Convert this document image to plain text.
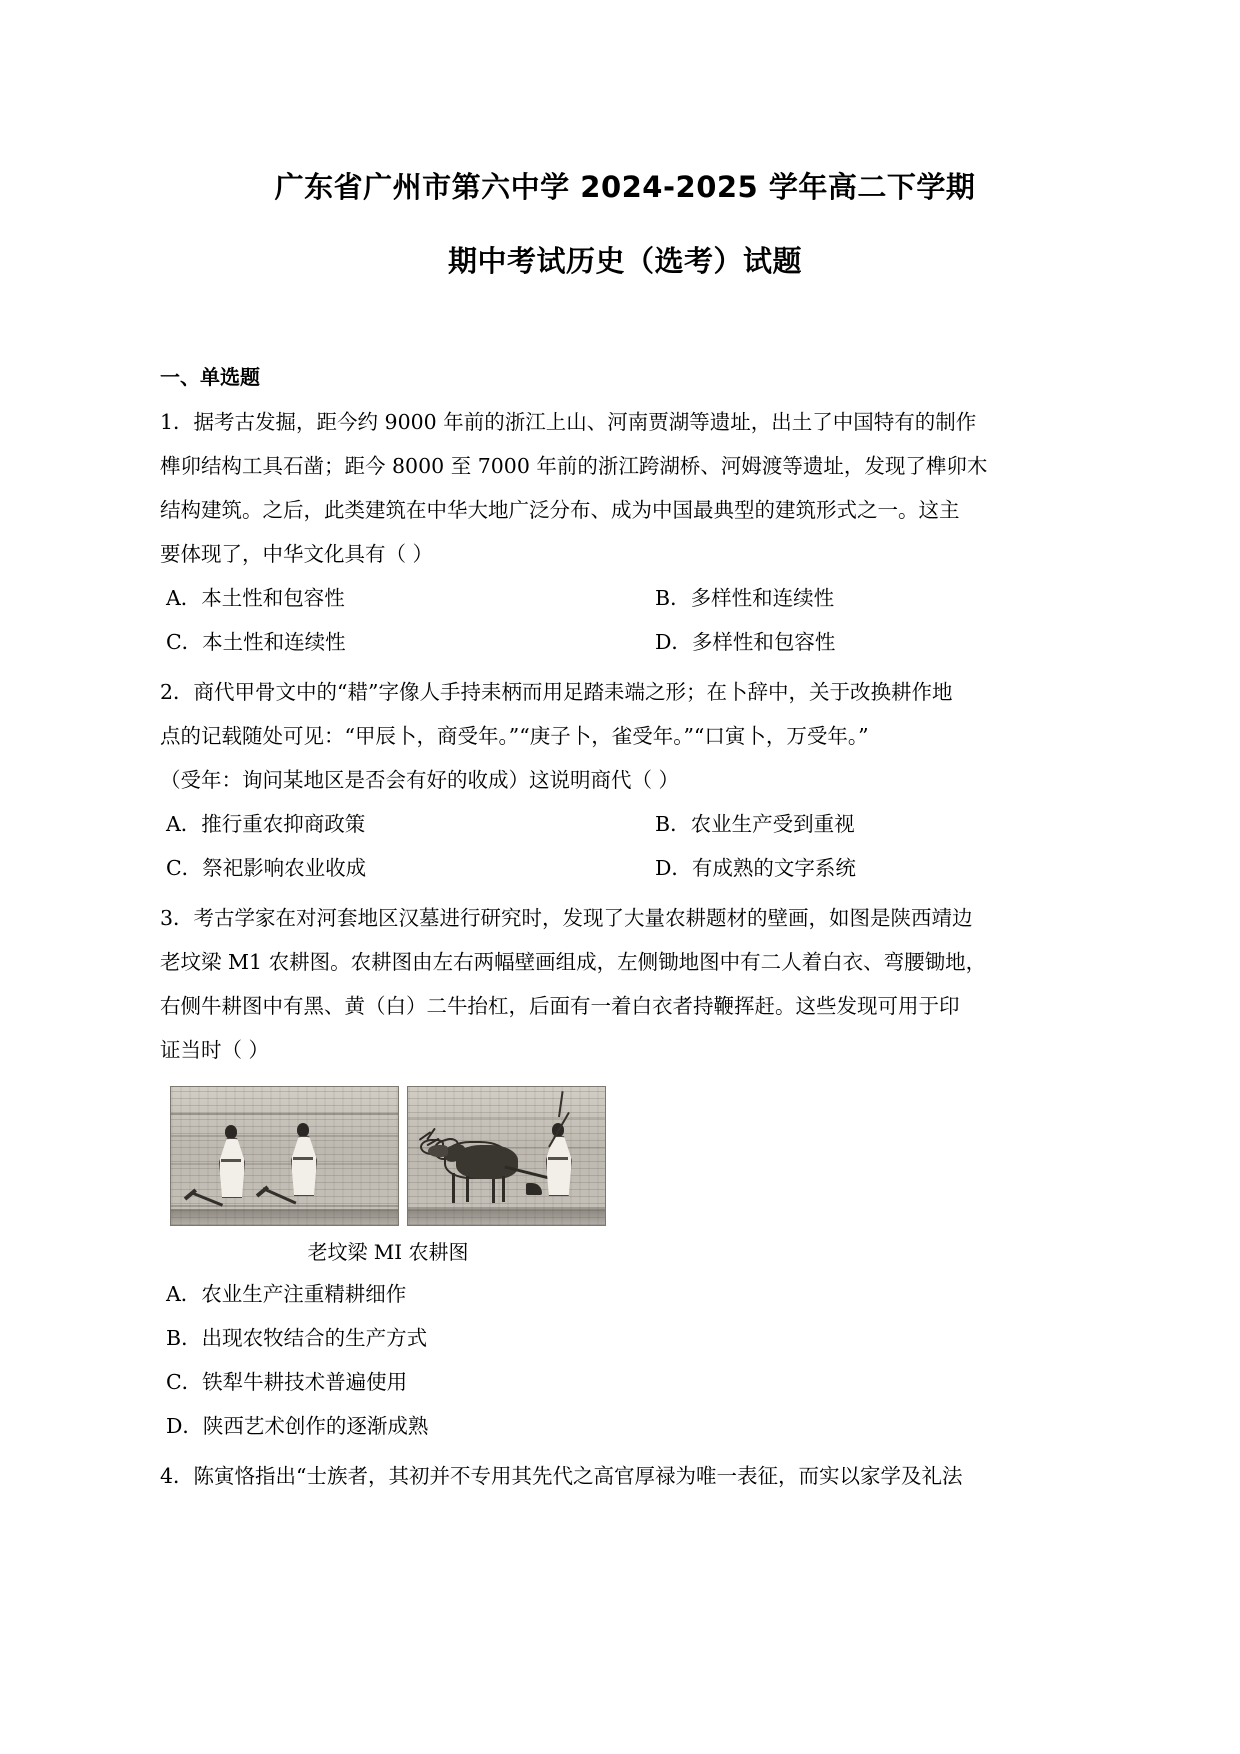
广东省广州市第六中学 2024-2025 学年高二下学期
期中考试历史（选考）试题
一、单选题

1．据考古发掘，距今约 9000 年前的浙江上山、河南贾湖等遗址，出土了中国特有的制作

榫卯结构工具石凿；距今 8000 至 7000 年前的浙江跨湖桥、河姆渡等遗址，发现了榫卯木

结构建筑。之后，此类建筑在中华大地广泛分布、成为中国最典型的建筑形式之一。这主

要体现了，中华文化具有（ ）

A．本土性和包容性	B．多样性和连续性
C．本土性和连续性	D．多样性和包容性

2．商代甲骨文中的“耤”字像人手持耒柄而用足踏耒端之形；在卜辞中，关于改换耕作地

点的记载随处可见：“甲辰卜，商受年。”“庚子卜，雀受年。”“口寅卜，万受年。”

（受年：询问某地区是否会有好的收成）这说明商代（ ）

A．推行重农抑商政策	B．农业生产受到重视
C．祭祀影响农业收成	D．有成熟的文字系统

3．考古学家在对河套地区汉墓进行研究时，发现了大量农耕题材的壁画，如图是陕西靖边

老坟梁 M1 农耕图。农耕图由左右两幅壁画组成，左侧锄地图中有二人着白衣、弯腰锄地，

右侧牛耕图中有黑、黄（白）二牛抬杠，后面有一着白衣者持鞭挥赶。这些发现可用于印

证当时（ ）

老坟梁 MI 农耕图
A．农业生产注重精耕细作
B．出现农牧结合的生产方式
C．铁犁牛耕技术普遍使用
D．陕西艺术创作的逐渐成熟

4．陈寅恪指出“士族者，其初并不专用其先代之高官厚禄为唯一表征，而实以家学及礼法
